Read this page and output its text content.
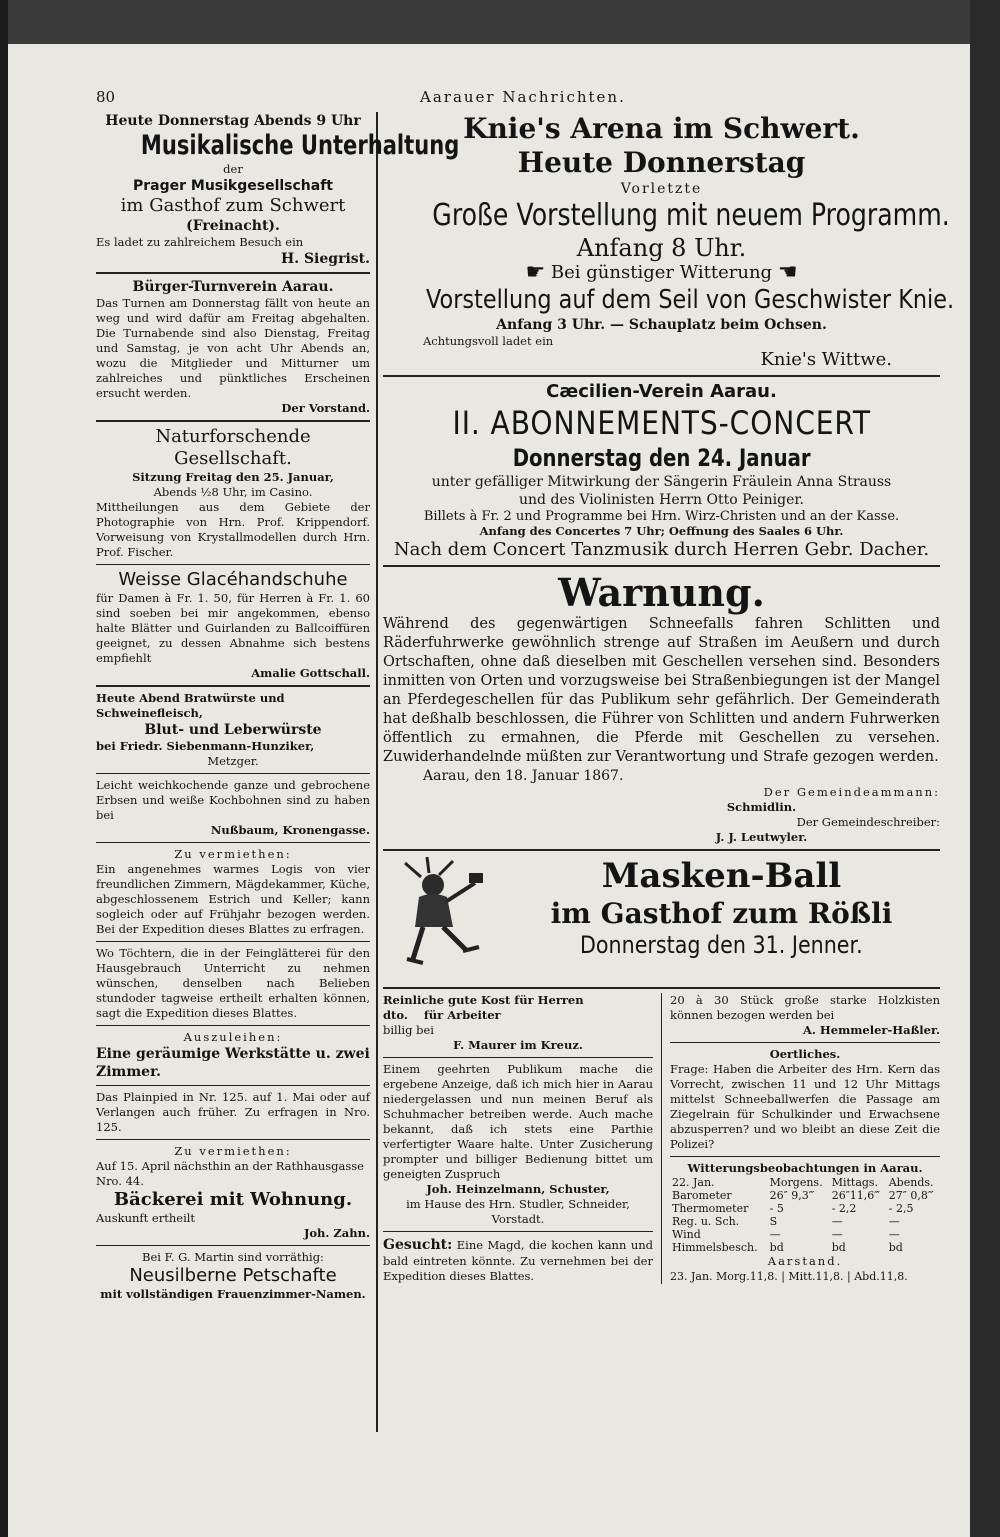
80	Aarauer Nachrichten.
Heute Donnerstag Abends 9 Uhr
Musikalische Unterhaltung
der
Prager Musikgesellschaft
im Gasthof zum Schwert
(Freinacht).
Es ladet zu zahlreichem Besuch ein
H. Siegrist.
Bürger-Turnverein Aarau.
Das Turnen am Donnerstag fällt von heute an weg und wird dafür am Freitag abgehalten. Die Turnabende sind also Dienstag, Freitag und Samstag, je von acht Uhr Abends an, wozu die Mitglieder und Mitturner um zahlreiches und pünktliches Erscheinen ersucht werden.
Der Vorstand.
Naturforschende Gesellschaft.
Sitzung Freitag den 25. Januar,
Abends ½8 Uhr, im Casino.
Mittheilungen aus dem Gebiete der Photographie von Hrn. Prof. Krippendorf. Vorweisung von Krystallmodellen durch Hrn. Prof. Fischer.
Weisse Glacéhandschuhe
für Damen à Fr. 1. 50, für Herren à Fr. 1. 60 sind soeben bei mir angekommen, ebenso halte Blätter und Guirlanden zu Ballcoiffüren geeignet, zu dessen Abnahme sich bestens empfiehlt
Amalie Gottschall.
Heute Abend Bratwürste und Schweinefleisch,
Blut- und Leberwürste
bei Friedr. Siebenmann-Hunziker,
Metzger.
Leicht weichkochende ganze und gebrochene Erbsen und weiße Kochbohnen sind zu haben bei
Nußbaum, Kronengasse.
Zu vermiethen:
Ein angenehmes warmes Logis von vier freundlichen Zimmern, Mägdekammer, Küche, abgeschlossenem Estrich und Keller; kann sogleich oder auf Frühjahr bezogen werden. Bei der Expedition dieses Blattes zu erfragen.
Wo Töchtern, die in der Feinglätterei für den Hausgebrauch Unterricht zu nehmen wünschen, denselben nach Belieben stundoder tagweise ertheilt erhalten können, sagt die Expedition dieses Blattes.
Auszuleihen:
Eine geräumige Werkstätte u. zwei Zimmer.
Das Plainpied in Nr. 125. auf 1. Mai oder auf Verlangen auch früher. Zu erfragen in Nro. 125.
Zu vermiethen:
Auf 15. April nächsthin an der Rathhausgasse Nro. 44.
Bäckerei mit Wohnung.
Auskunft ertheilt
Joh. Zahn.
Bei F. G. Martin sind vorräthig:
Neusilberne Petschafte
mit vollständigen Frauenzimmer-Namen.
Knie's Arena im Schwert.
Heute Donnerstag
Vorletzte
Große Vorstellung mit neuem Programm.
Anfang 8 Uhr.
☛ Bei günstiger Witterung ☚
Vorstellung auf dem Seil von Geschwister Knie.
Anfang 3 Uhr. — Schauplatz beim Ochsen.
Achtungsvoll ladet ein
Knie's Wittwe.
Cæcilien-Verein Aarau.
II. ABONNEMENTS-CONCERT
Donnerstag den 24. Januar
unter gefälliger Mitwirkung der Sängerin Fräulein Anna Strauss
und des Violinisten Herrn Otto Peiniger.
Billets à Fr. 2 und Programme bei Hrn. Wirz-Christen und an der Kasse.
Anfang des Concertes 7 Uhr; Oeffnung des Saales 6 Uhr.
Nach dem Concert Tanzmusik durch Herren Gebr. Dacher.
Warnung.
Während des gegenwärtigen Schneefalls fahren Schlitten und Räderfuhrwerke gewöhnlich strenge auf Straßen im Aeußern und durch Ortschaften, ohne daß dieselben mit Geschellen versehen sind. Besonders inmitten von Orten und vorzugsweise bei Straßenbiegungen ist der Mangel an Pferdegeschellen für das Publikum sehr gefährlich. Der Gemeinderath hat deßhalb beschlossen, die Führer von Schlitten und andern Fuhrwerken öffentlich zu ermahnen, die Pferde mit Geschellen zu versehen. Zuwiderhandelnde müßten zur Verantwortung und Strafe gezogen werden.
Aarau, den 18. Januar 1867.
Der Gemeindeammann:
Schmidlin.
Der Gemeindeschreiber:
J. J. Leutwyler.
Masken-Ball
im Gasthof zum Rößli
Donnerstag den 31. Jenner.
Reinliche gute Kost für Herren
dto.    für Arbeiter
billig bei
F. Maurer im Kreuz.
Einem geehrten Publikum mache die ergebene Anzeige, daß ich mich hier in Aarau niedergelassen und nun meinen Beruf als Schuhmacher betreiben werde. Auch mache bekannt, daß ich stets eine Parthie verfertigter Waare halte. Unter Zusicherung prompter und billiger Bedienung bittet um geneigten Zuspruch
Joh. Heinzelmann, Schuster,
im Hause des Hrn. Studler, Schneider,
Vorstadt.
Gesucht: Eine Magd, die kochen kann und bald eintreten könnte. Zu vernehmen bei der Expedition dieses Blattes.
20 à 30 Stück große starke Holzkisten können bezogen werden bei
A. Hemmeler-Haßler.
Oertliches.
Frage: Haben die Arbeiter des Hrn. Kern das Vorrecht, zwischen 11 und 12 Uhr Mittags mittelst Schneeballwerfen die Passage am Ziegelrain für Schulkinder und Erwachsene abzusperren? und wo bleibt an diese Zeit die Polizei?
Witterungsbeobachtungen in Aarau.
22. Jan.	Morgens.	Mittags.	Abends.
Barometer	26″ 9,3‴	26″11,6‴	27″ 0,8‴
Thermometer	- 5	- 2,2	- 2,5
Reg. u. Sch.	S	—	—
Wind	—	—	—
Himmelsbesch.	bd	bd	bd
Aarstand.
23. Jan. Morg.11,8. | Mitt.11,8. | Abd.11,8.
